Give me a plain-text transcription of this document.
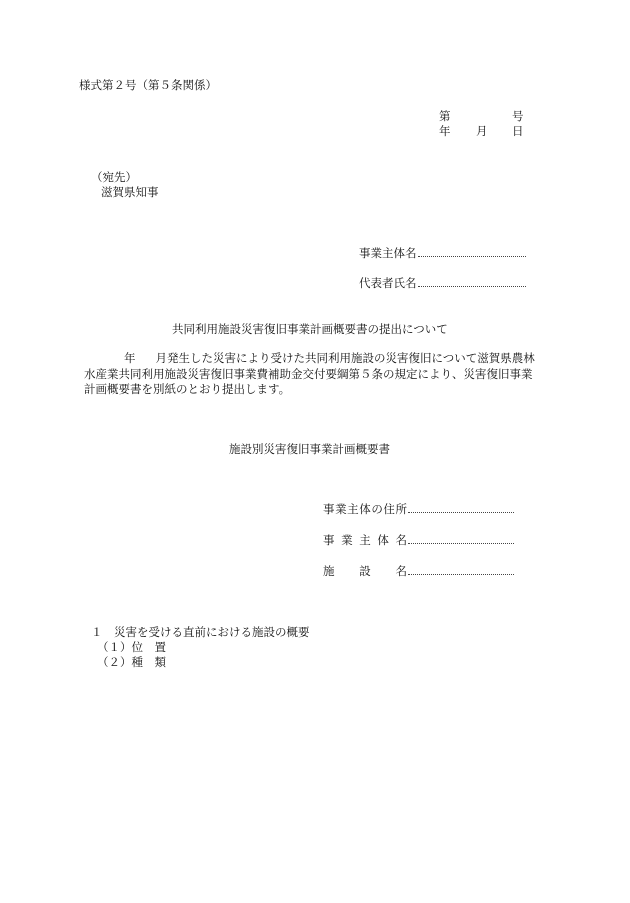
様式第２号（第５条関係）
第	号
年 月 日
（宛先）
滋賀県知事
事業主体名
代表者氏名
共同利用施設災害復旧事業計画概要書の提出について

年 月発生した災害により受けた共同利用施設の災害復旧について滋賀県農林

水産業共同利用施設災害復旧事業費補助金交付要綱第５条の規定により、災害復旧事業

計画概要書を別紙のとおり提出します。

施設別災害復旧事業計画概要書
事業主体の住所
事業主体名
施設名
１　災害を受ける直前における施設の概要
（１）位　置
（２）種　類
